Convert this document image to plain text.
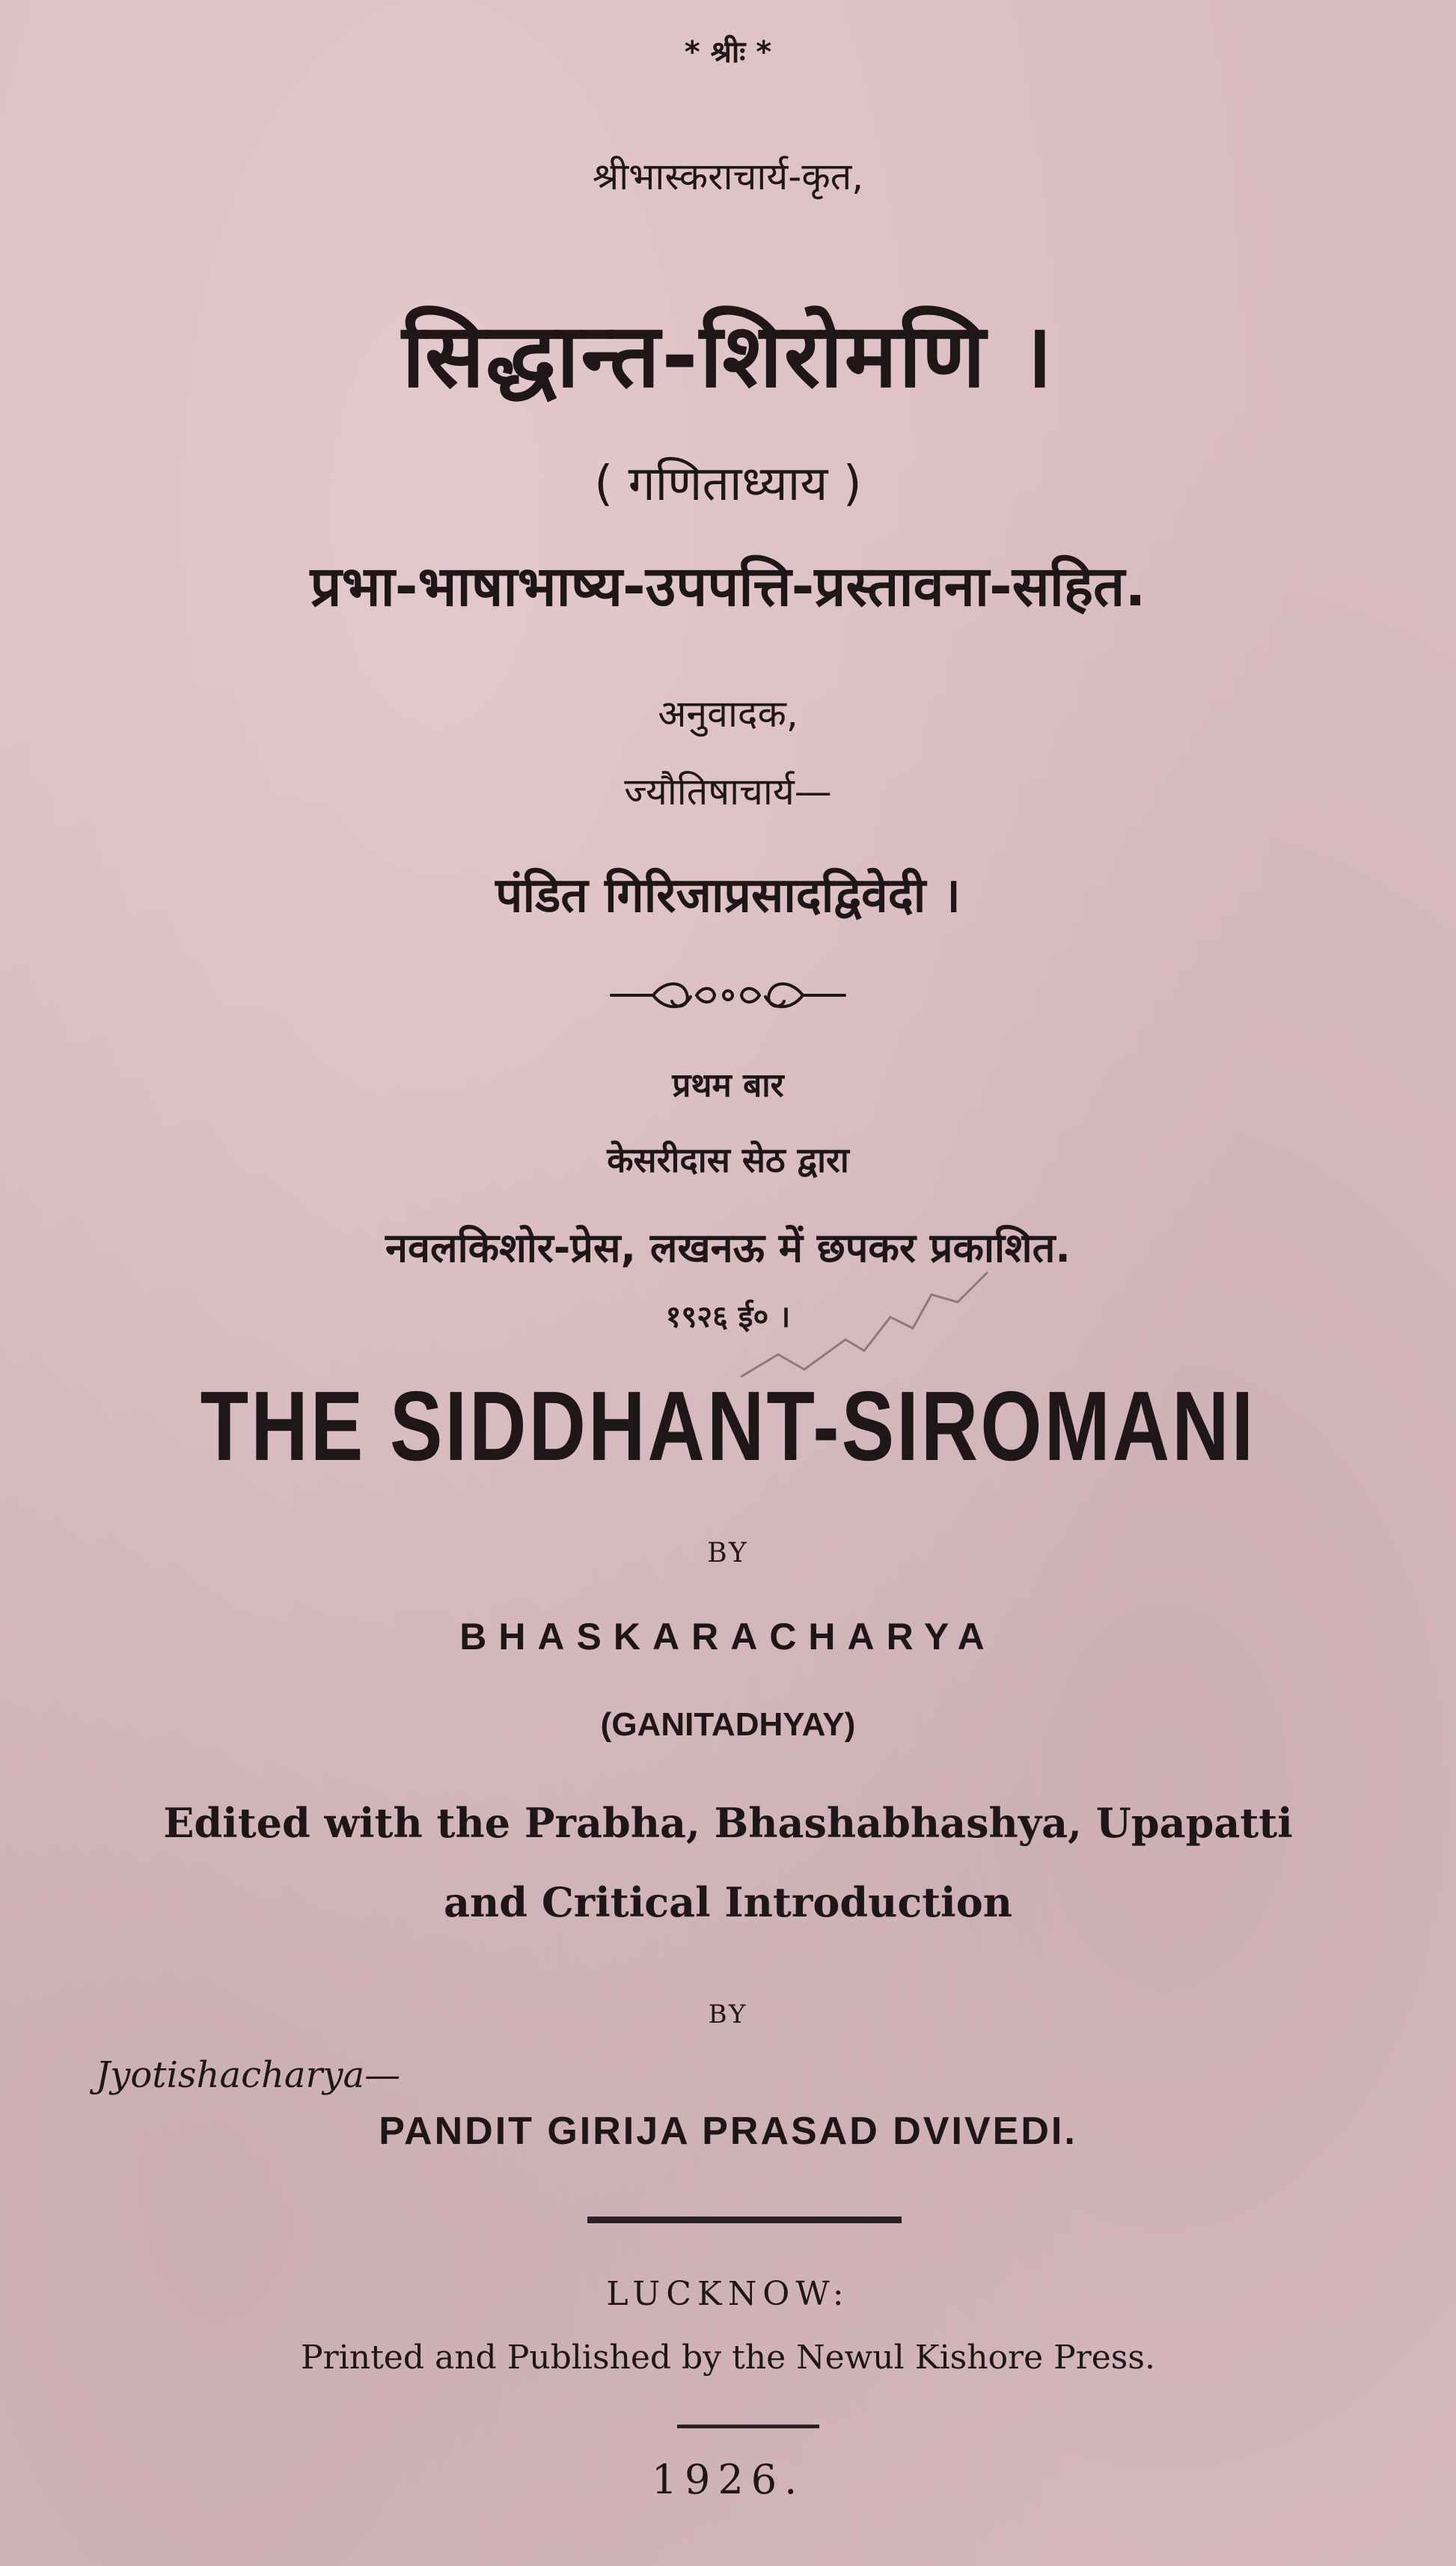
* श्रीः *

श्रीभास्कराचार्य-कृत,

सिद्धान्त-शिरोमणि ।

( गणिताध्याय )

प्रभा-भाषाभाष्य-उपपत्ति-प्रस्तावना-सहित.

अनुवादक,

ज्यौतिषाचार्य—

पंडित गिरिजाप्रसादद्विवेदी ।

प्रथम बार

केसरीदास सेठ द्वारा

नवलकिशोर-प्रेस, लखनऊ में छपकर प्रकाशित.

१९२६ ई० ।

THE SIDDHANT-SIROMANI

BY

BHASKARACHARYA

(GANITADHYAY)

Edited with the Prabha, Bhashabhashya, Upapatti

and Critical Introduction

BY

Jyotishacharya—

PANDIT GIRIJA PRASAD DVIVEDI.

LUCKNOW:

Printed and Published by the Newul Kishore Press.

1926.
